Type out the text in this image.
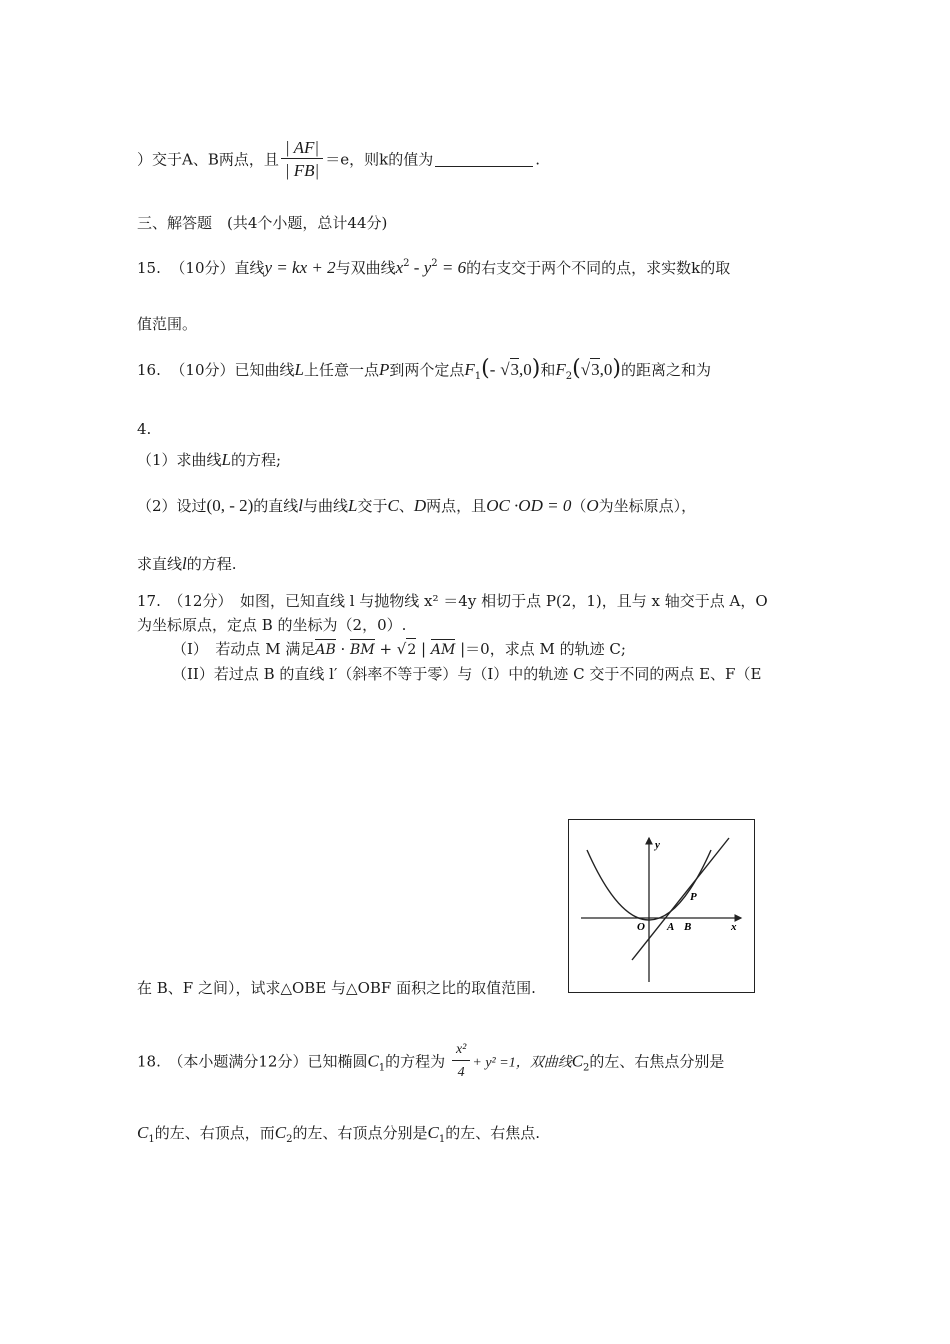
）交于A、B两点，且 $\frac{| AF|}{| FB|} =e$，则k的值为	.
三、解答题　(共4个小题，总计44分)
15. （10分）直线y = kx + 2与双曲线$x^2 - y^2 = 6$的右支交于两个不同的点，求实数k的取
值范围。
16. （10分）已知曲线L上任意一点P到两个定点$F_1(-$ √3,0)和$F_2(√3,0)$的距离之和为
4.
（1）求曲线L的方程;
（2）设过(0, - 2)的直线l与曲线L交于C、D两点，且OC ·OD = 0（O为坐标原点），
求直线l的方程.
17.　（12分）　如图，已知直线 l 与抛物线 x² ＝4y 相切于点 P(2，1)，且与 x 轴交于点 A，O
为坐标原点，定点 B 的坐标为（2，0）.
（I）　若动点 M 满足AB · BM + √2 | AM |＝0，求点 M 的轨迹 C;
（II）若过点 B 的直线 l′（斜率不等于零）与（I）中的轨迹 C 交于不同的两点 E、F（E
在 B、F 之间），试求△OBE 与△OBF 面积之比的取值范围.
y
x
O A B
P
18.　（本小题满分12分）已知椭圆$C_1$的方程为 $\frac{\text{x²}}{4} + y^2 =1$，双曲线$C_2$的左、右焦点分别是
$C_1$的左、右顶点，而$C_2$的左、右顶点分别是$C_1$的左、右焦点.
